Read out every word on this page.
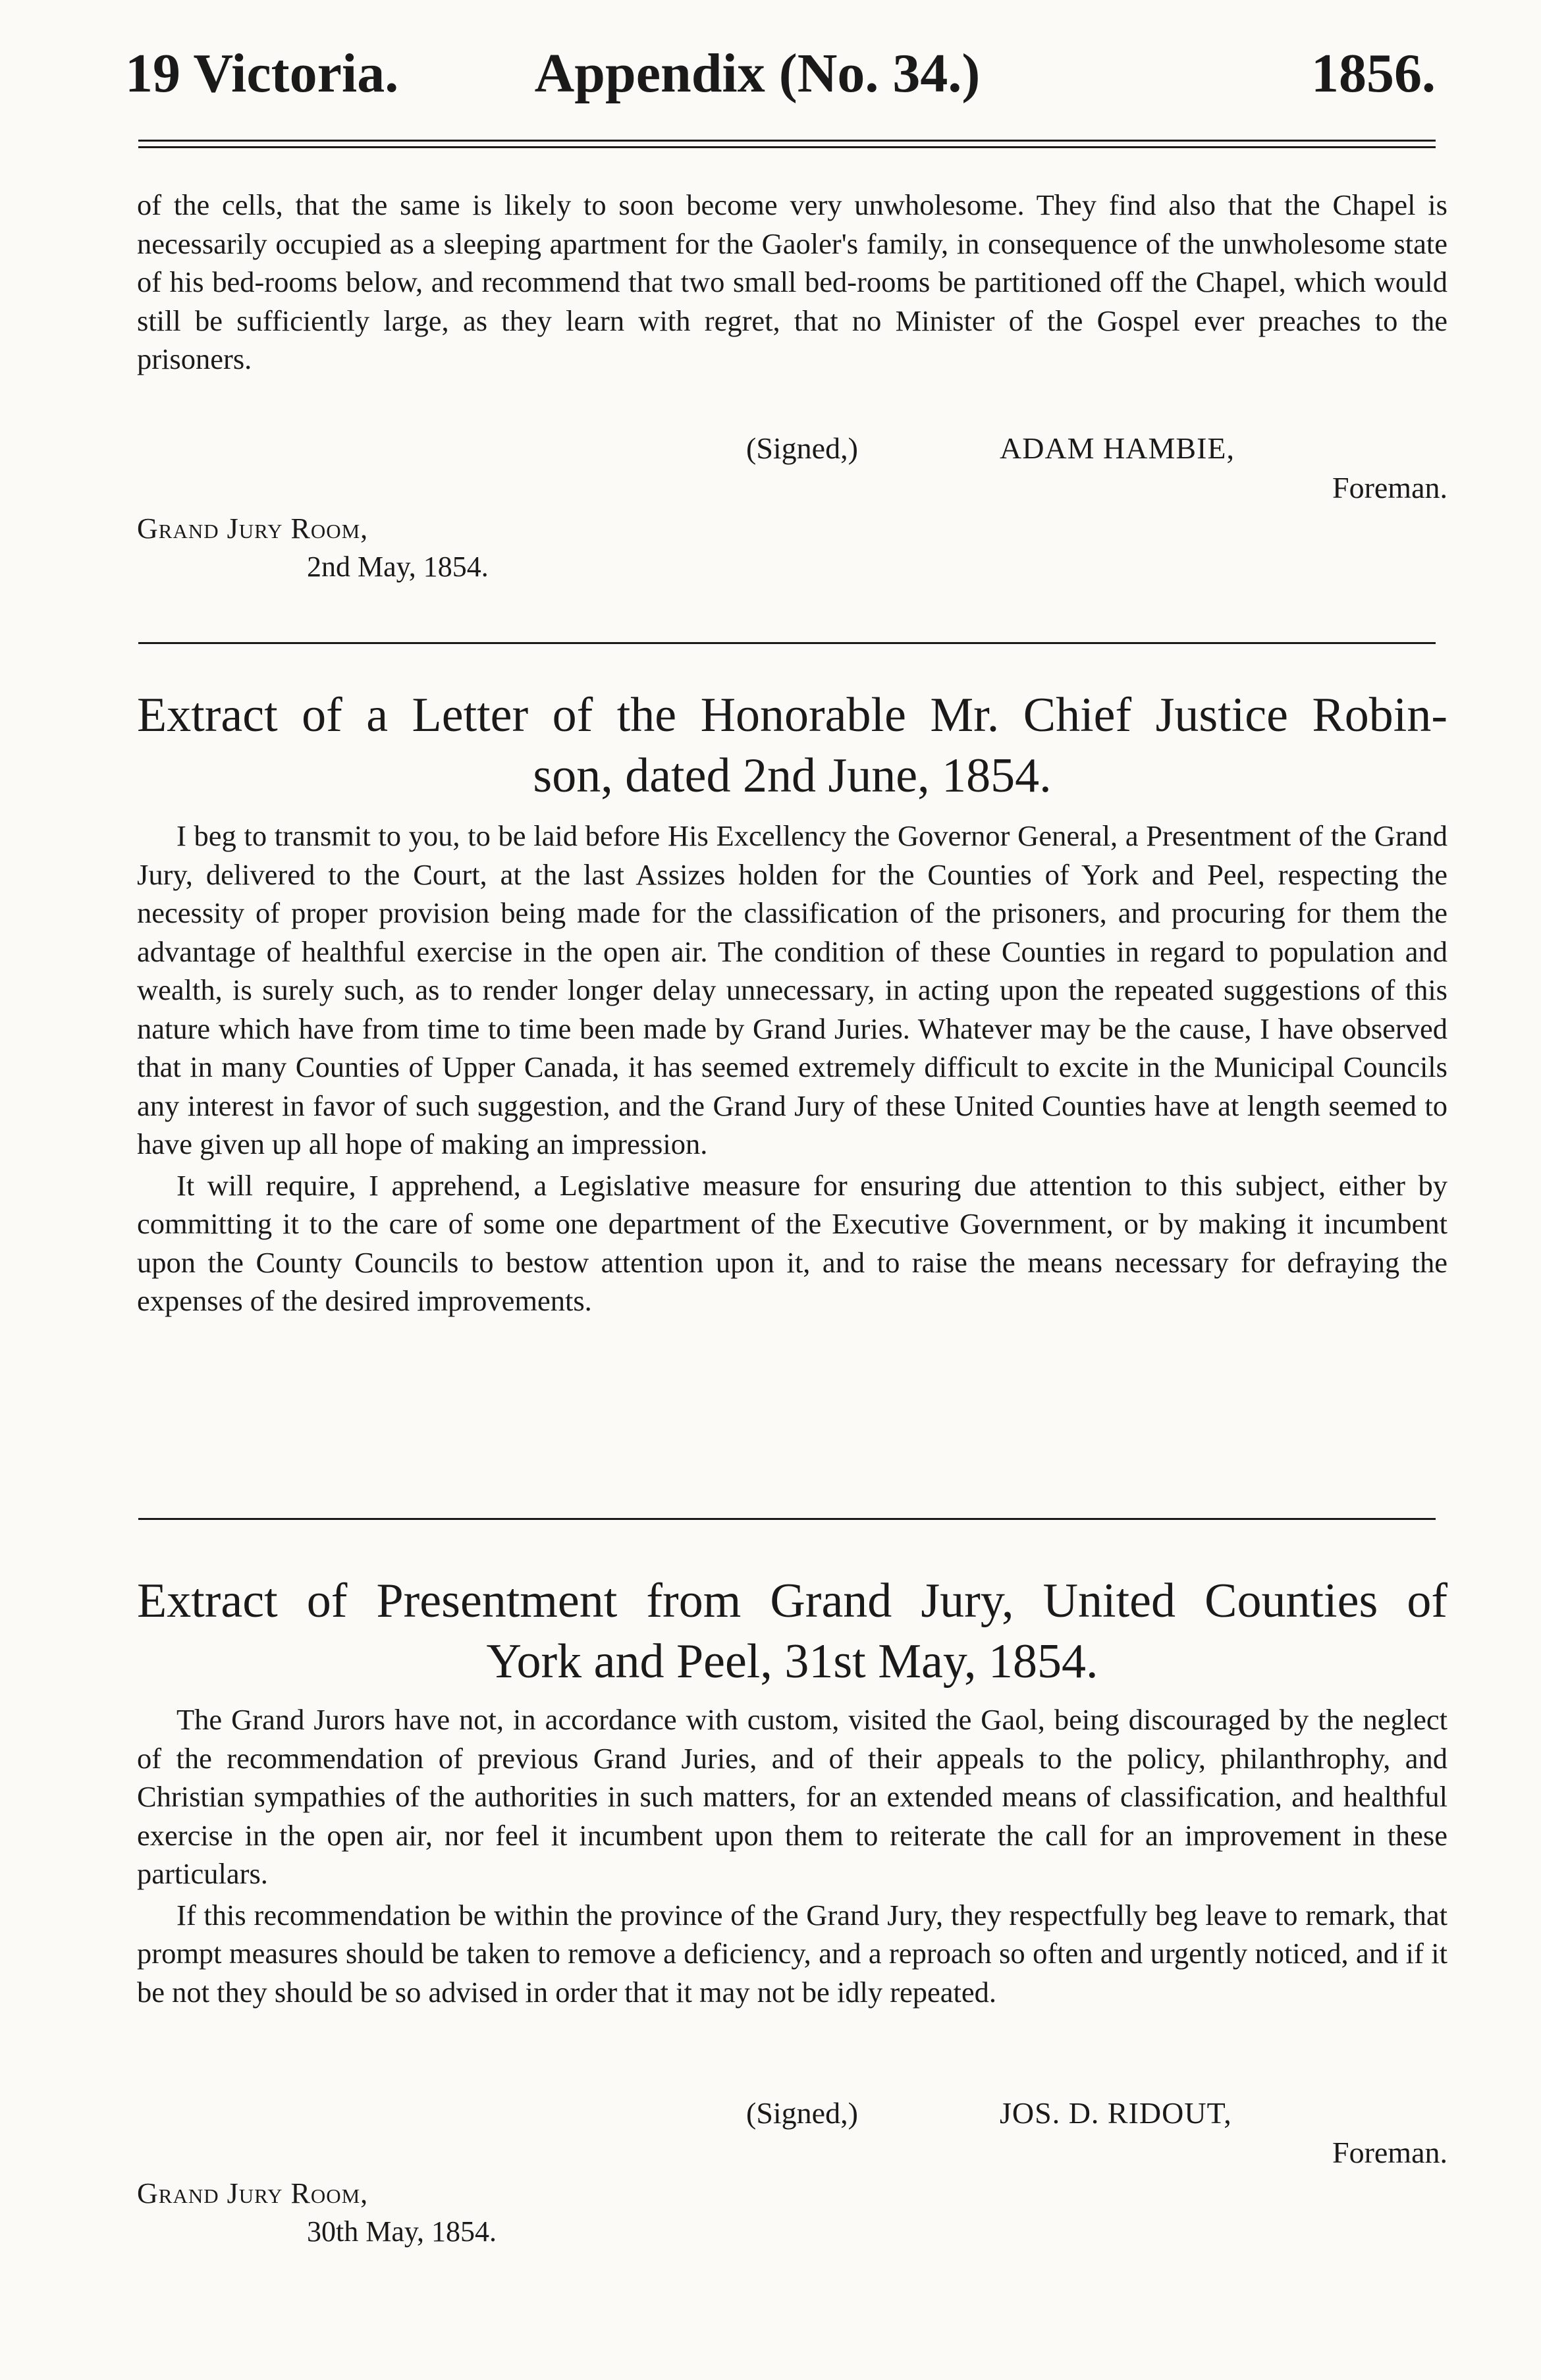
19 Victoria.	Appendix (No. 34.)	1856.

of the cells, that the same is likely to soon become very unwholesome. They find also that the Chapel is necessarily occupied as a sleeping apartment for the Gaoler's family, in consequence of the unwholesome state of his bed-rooms below, and recommend that two small bed-rooms be partitioned off the Chapel, which would still be sufficiently large, as they learn with regret, that no Minister of the Gospel ever preaches to the prisoners.

(Signed,)	ADAM HAMBIE,
Foreman.
Grand Jury Room,
2nd May, 1854.
Extract of a Letter of the Honorable Mr. Chief Justice Robin-
son, dated 2nd June, 1854.

I beg to transmit to you, to be laid before His Excellency the Governor General, a Presentment of the Grand Jury, delivered to the Court, at the last Assizes holden for the Counties of York and Peel, respecting the necessity of proper provision being made for the classification of the prisoners, and procuring for them the advantage of healthful exercise in the open air. The condition of these Counties in regard to population and wealth, is surely such, as to render longer delay unnecessary, in acting upon the repeated suggestions of this nature which have from time to time been made by Grand Juries. Whatever may be the cause, I have observed that in many Counties of Upper Canada, it has seemed extremely difficult to excite in the Municipal Councils any interest in favor of such suggestion, and the Grand Jury of these United Counties have at length seemed to have given up all hope of making an impression.

It will require, I apprehend, a Legislative measure for ensuring due attention to this subject, either by committing it to the care of some one department of the Executive Government, or by making it incumbent upon the County Councils to bestow attention upon it, and to raise the means necessary for defraying the expenses of the desired improvements.

Extract of Presentment from Grand Jury, United Counties of
York and Peel, 31st May, 1854.

The Grand Jurors have not, in accordance with custom, visited the Gaol, being discouraged by the neglect of the recommendation of previous Grand Juries, and of their appeals to the policy, philanthrophy, and Christian sympathies of the authorities in such matters, for an extended means of classification, and healthful exercise in the open air, nor feel it incumbent upon them to reiterate the call for an improvement in these particulars.

If this recommendation be within the province of the Grand Jury, they respectfully beg leave to remark, that prompt measures should be taken to remove a deficiency, and a reproach so often and urgently noticed, and if it be not they should be so advised in order that it may not be idly repeated.

(Signed,)	JOS. D. RIDOUT,
Foreman.
Grand Jury Room,
30th May, 1854.
